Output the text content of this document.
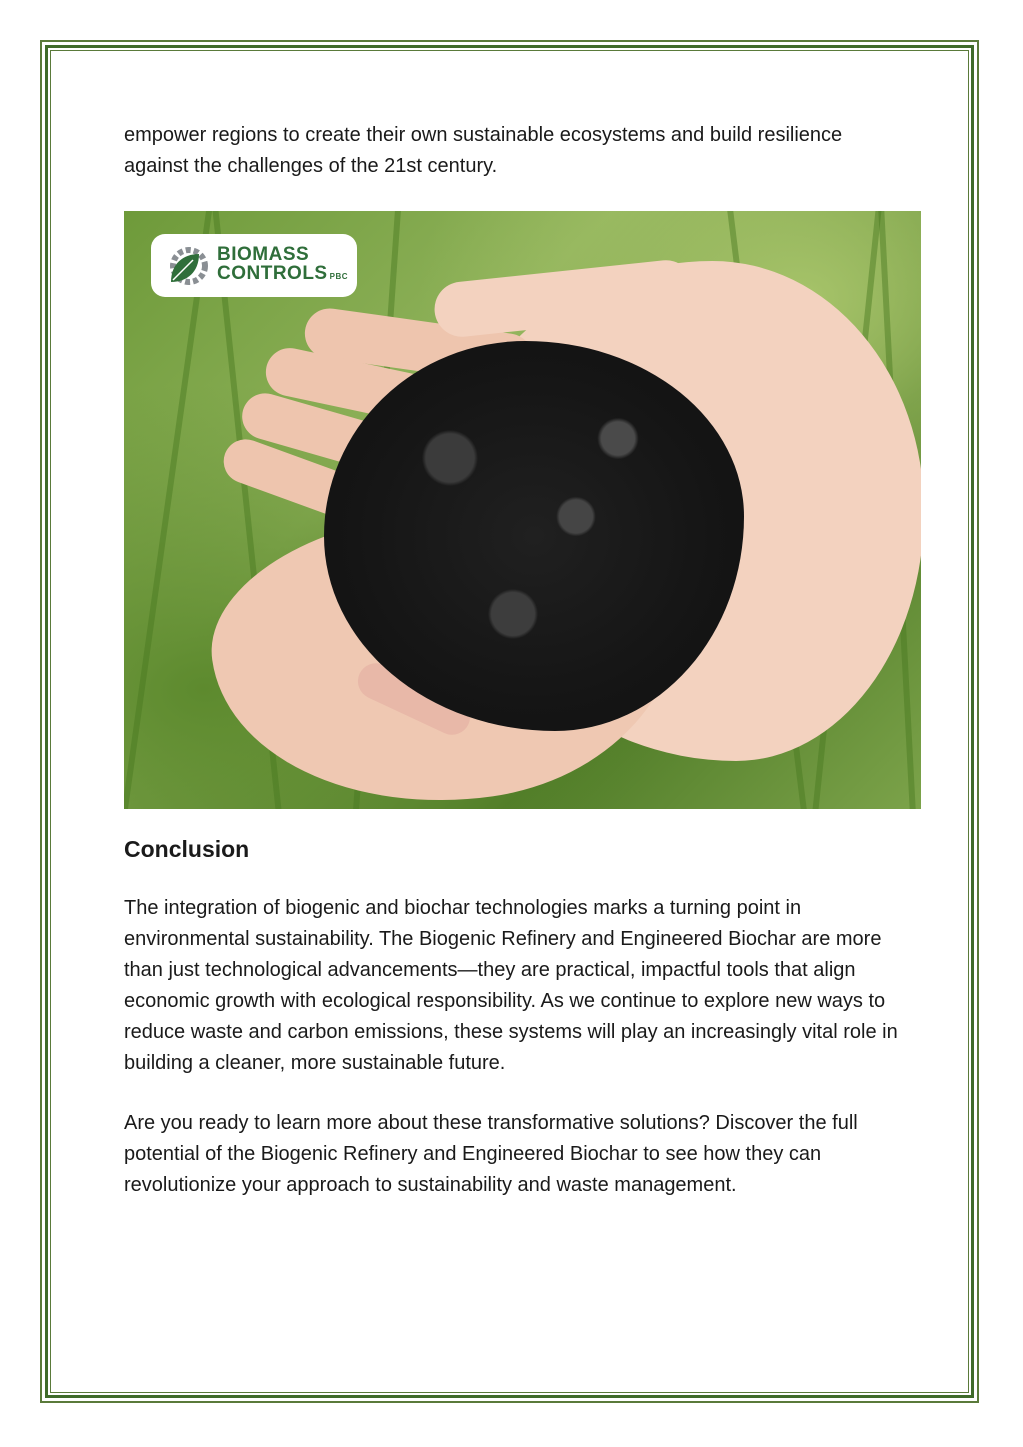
empower regions to create their own sustainable ecosystems and build resilience against the challenges of the 21st century.

BIOMASS
CONTROLS PBC
Conclusion

The integration of biogenic and biochar technologies marks a turning point in environmental sustainability. The Biogenic Refinery and Engineered Biochar are more than just technological advancements—they are practical, impactful tools that align economic growth with ecological responsibility. As we continue to explore new ways to reduce waste and carbon emissions, these systems will play an increasingly vital role in building a cleaner, more sustainable future.

Are you ready to learn more about these transformative solutions? Discover the full potential of the Biogenic Refinery and Engineered Biochar to see how they can revolutionize your approach to sustainability and waste management.
